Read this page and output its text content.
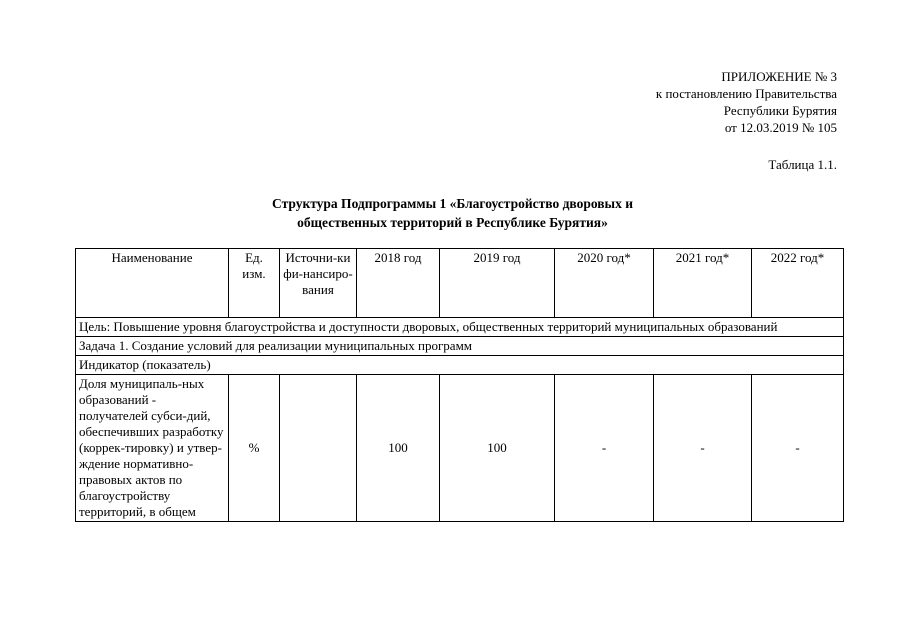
ПРИЛОЖЕНИЕ № 3
к постановлению Правительства
Республики Бурятия
от 12.03.2019 № 105
Таблица 1.1.
Структура Подпрограммы 1 «Благоустройство дворовых и
общественных территорий в Республике Бурятия»
Наименование	Ед. изм.	Источни-ки фи-нансиро-вания	2018 год	2019 год	2020 год*	2021 год*	2022 год*
Цель: Повышение уровня благоустройства и доступности дворовых, общественных территорий муниципальных образований							
Задача 1. Создание условий для реализации муниципальных программ							
Индикатор (показатель)							
Доля муниципаль-ных образований - получателей субси-дий, обеспечивших разработку (коррек-тировку) и утвер-ждение нормативно-правовых актов по благоустройству территорий, в общем	%		100	100	-	-	-
